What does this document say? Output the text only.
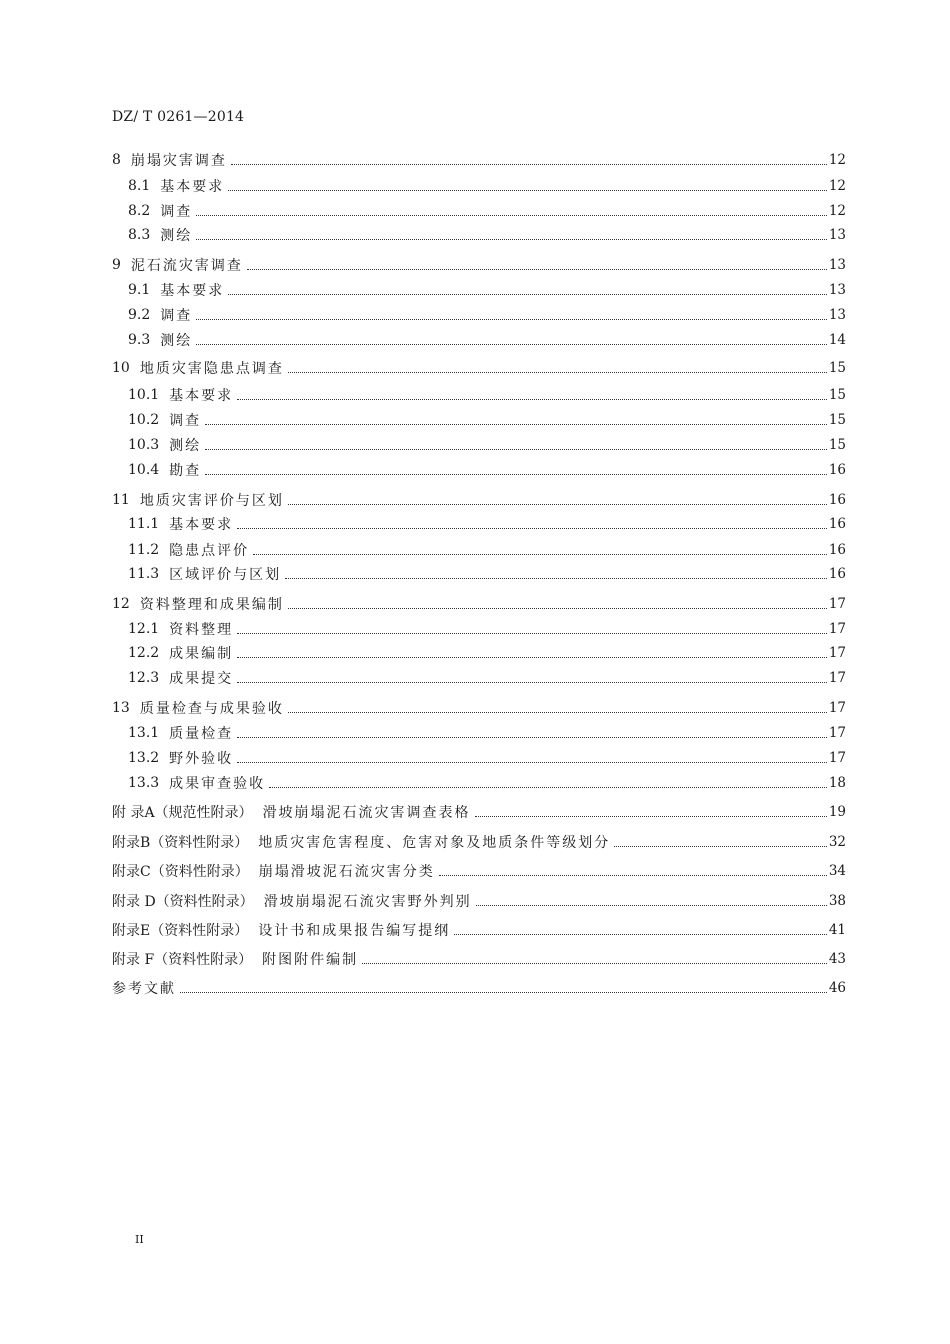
DZ/ T 0261—2014
8 崩塌灾害调查	12
8.1 基本要求	12
8.2 调查	12
8.3 测绘	13
9 泥石流灾害调查	13
9.1 基本要求	13
9.2 调查	13
9.3 测绘	14
10 地质灾害隐患点调查	15
10.1 基本要求	15
10.2 调查	15
10.3 测绘	15
10.4 勘查	16
11 地质灾害评价与区划	16
11.1 基本要求	16
11.2 隐患点评价	16
11.3 区域评价与区划	16
12 资料整理和成果编制	17
12.1 资料整理	17
12.2 成果编制	17
12.3 成果提交	17
13 质量检查与成果验收	17
13.1 质量检查	17
13.2 野外验收	17
13.3 成果审查验收	18
附 录A（规范性附录） 滑坡崩塌泥石流灾害调查表格	19
附录B（资料性附录） 地质灾害危害程度、危害对象及地质条件等级划分	32
附录C（资料性附录） 崩塌滑坡泥石流灾害分类	34
附录 D（资料性附录） 滑坡崩塌泥石流灾害野外判别	38
附录E（资料性附录） 设计书和成果报告编写提纲	41
附录 F（资料性附录） 附图附件编制	43
参考文献	46
II
